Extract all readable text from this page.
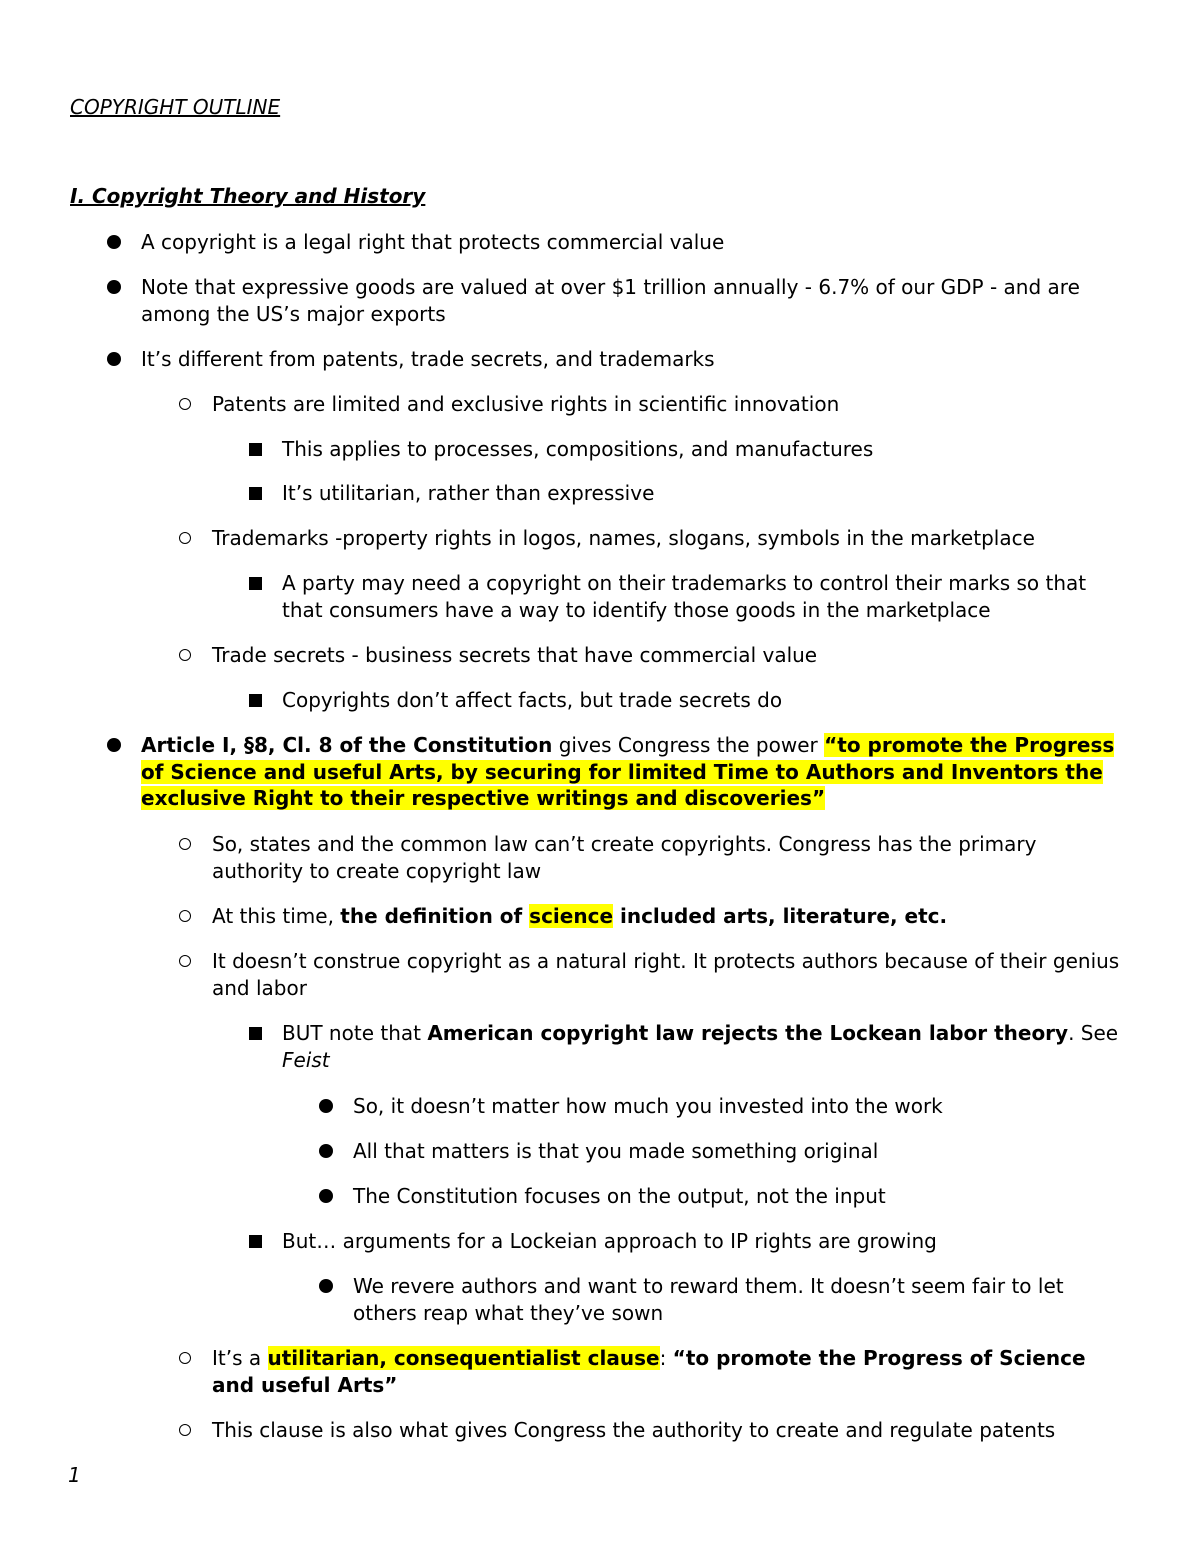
COPYRIGHT OUTLINE
I. Copyright Theory and History
A copyright is a legal right that protects commercial value
Note that expressive goods are valued at over $1 trillion annually - 6.7% of our GDP - and are among the US’s major exports
It’s different from patents, trade secrets, and trademarks
Patents are limited and exclusive rights in scientific innovation
This applies to processes, compositions, and manufactures
It’s utilitarian, rather than expressive
Trademarks -property rights in logos, names, slogans, symbols in the marketplace
A party may need a copyright on their trademarks to control their marks so that that consumers have a way to identify those goods in the marketplace
Trade secrets - business secrets that have commercial value
Copyrights don’t affect facts, but trade secrets do
Article I, §8, Cl. 8 of the Constitution gives Congress the power “to promote the Progress of Science and useful Arts, by securing for limited Time to Authors and Inventors the exclusive Right to their respective writings and discoveries”
So, states and the common law can’t create copyrights. Congress has the primary authority to create copyright law
At this time, the definition of science included arts, literature, etc.
It doesn’t construe copyright as a natural right. It protects authors because of their genius and labor
BUT note that American copyright law rejects the Lockean labor theory. See Feist
So, it doesn’t matter how much you invested into the work
All that matters is that you made something original
The Constitution focuses on the output, not the input
But… arguments for a Lockeian approach to IP rights are growing
We revere authors and want to reward them. It doesn’t seem fair to let others reap what they’ve sown
It’s a utilitarian, consequentialist clause: “to promote the Progress of Science and useful Arts”
This clause is also what gives Congress the authority to create and regulate patents
1
